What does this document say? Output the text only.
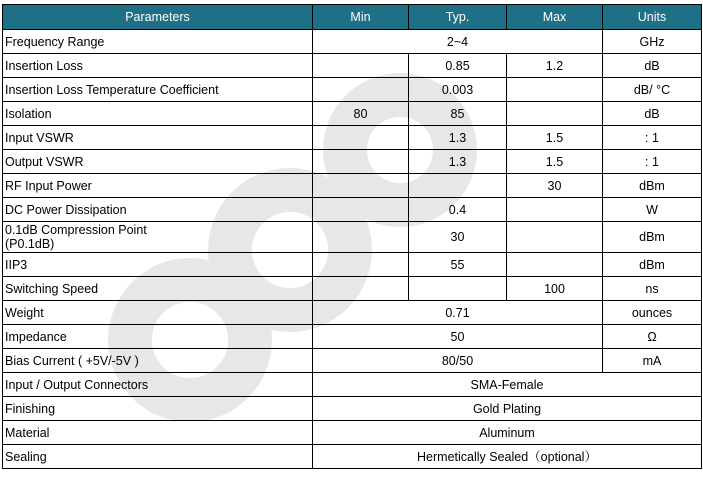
Parameters	Min	Typ.	Max	Units
Frequency Range	2~4			GHz
Insertion Loss		0.85	1.2	dB
Insertion Loss Temperature Coefficient		0.003		dB/ °C
Isolation	80	85		dB
Input VSWR		1.3	1.5	: 1
Output VSWR		1.3	1.5	: 1
RF Input Power			30	dBm
DC Power Dissipation		0.4		W
0.1dB Compression Point
(P0.1dB)		30		dBm
IIP3		55		dBm
Switching Speed			100	ns
Weight	0.71			ounces
Impedance	50			Ω
Bias Current ( +5V/-5V )	80/50			mA
Input / Output Connectors	SMA-Female			
Finishing	Gold Plating			
Material	Aluminum			
Sealing	Hermetically Sealed（optional）			
